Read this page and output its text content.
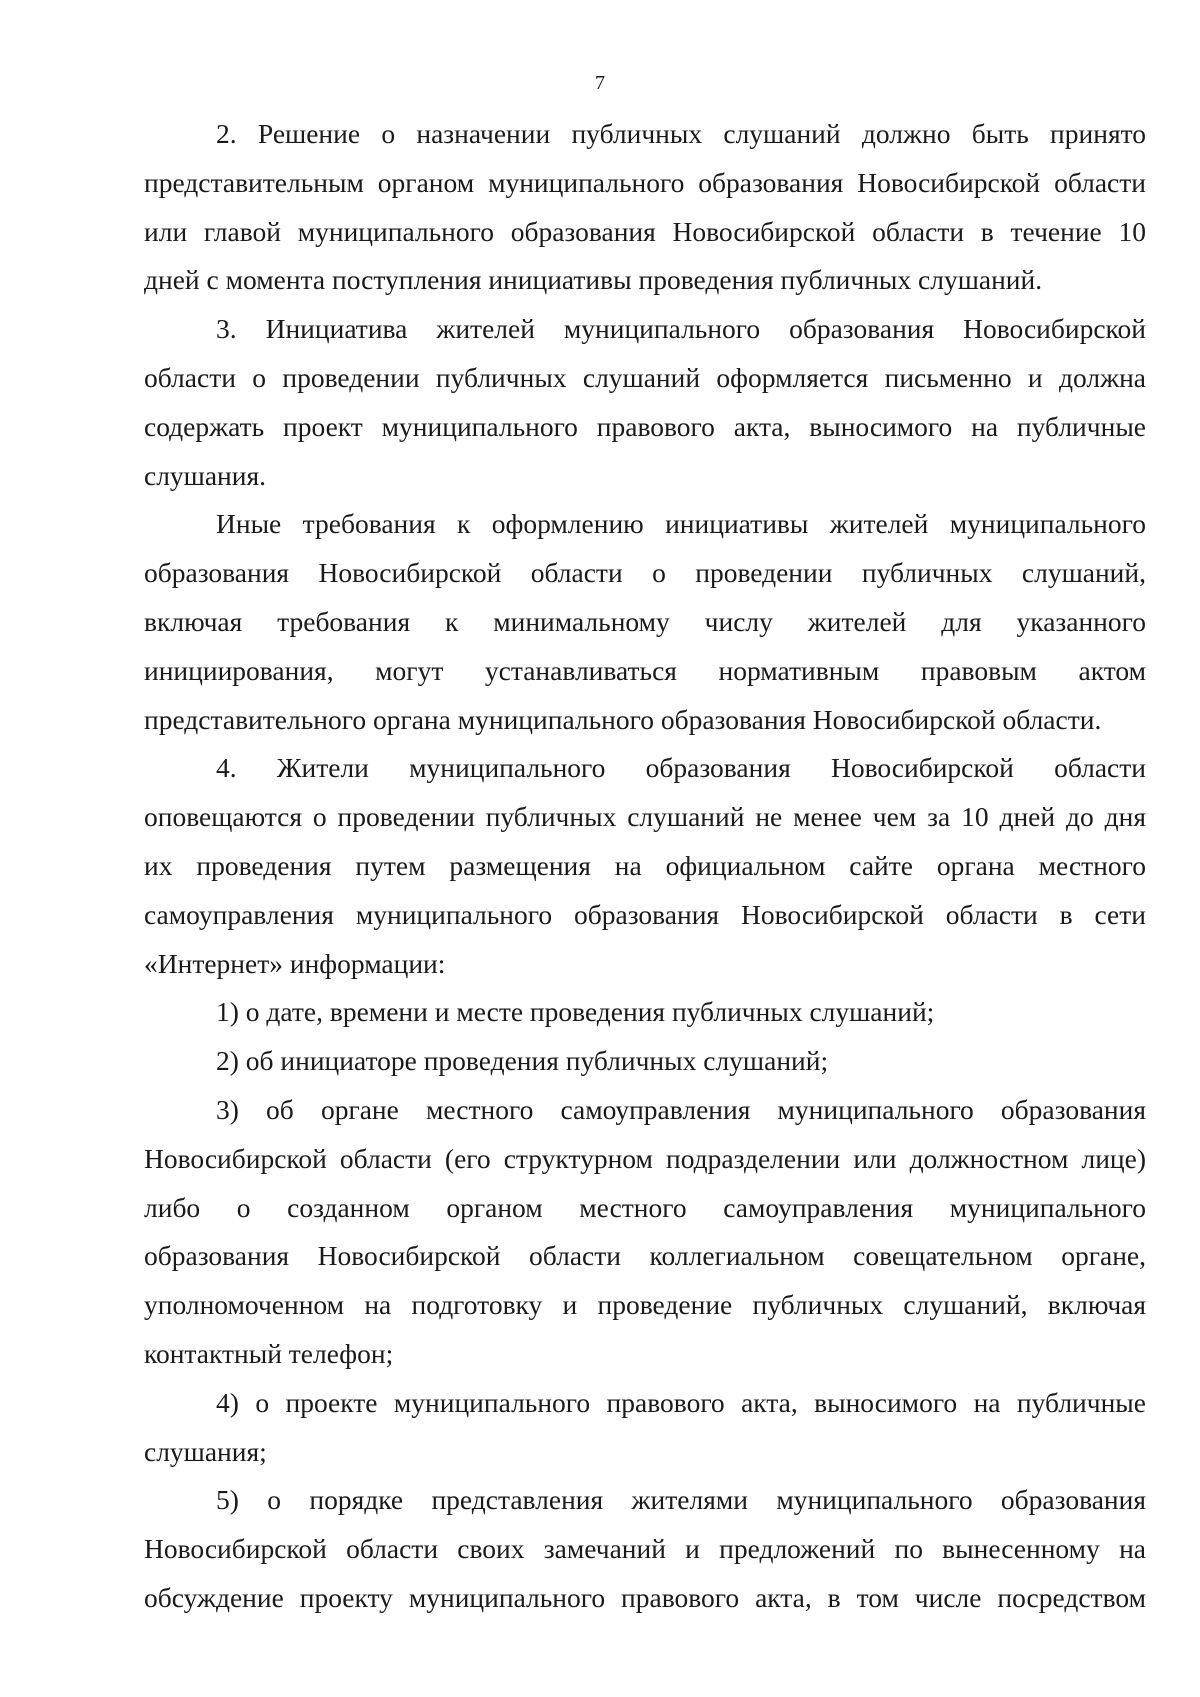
7
2. Решение о назначении публичных слушаний должно быть принято
представительным органом муниципального образования Новосибирской области
или главой муниципального образования Новосибирской области в течение 10
дней с момента поступления инициативы проведения публичных слушаний.
3. Инициатива жителей муниципального образования Новосибирской
области о проведении публичных слушаний оформляется письменно и должна
содержать проект муниципального правового акта, выносимого на публичные
слушания.
Иные требования к оформлению инициативы жителей муниципального
образования Новосибирской области о проведении публичных слушаний,
включая требования к минимальному числу жителей для указанного
инициирования, могут устанавливаться нормативным правовым актом
представительного органа муниципального образования Новосибирской области.
4. Жители муниципального образования Новосибирской области
оповещаются о проведении публичных слушаний не менее чем за 10 дней до дня
их проведения путем размещения на официальном сайте органа местного
самоуправления муниципального образования Новосибирской области в сети
«Интернет» информации:
1) о дате, времени и месте проведения публичных слушаний;
2) об инициаторе проведения публичных слушаний;
3) об органе местного самоуправления муниципального образования
Новосибирской области (его структурном подразделении или должностном лице)
либо о созданном органом местного самоуправления муниципального
образования Новосибирской области коллегиальном совещательном органе,
уполномоченном на подготовку и проведение публичных слушаний, включая
контактный телефон;
4) о проекте муниципального правового акта, выносимого на публичные
слушания;
5) о порядке представления жителями муниципального образования
Новосибирской области своих замечаний и предложений по вынесенному на
обсуждение проекту муниципального правового акта, в том числе посредством
